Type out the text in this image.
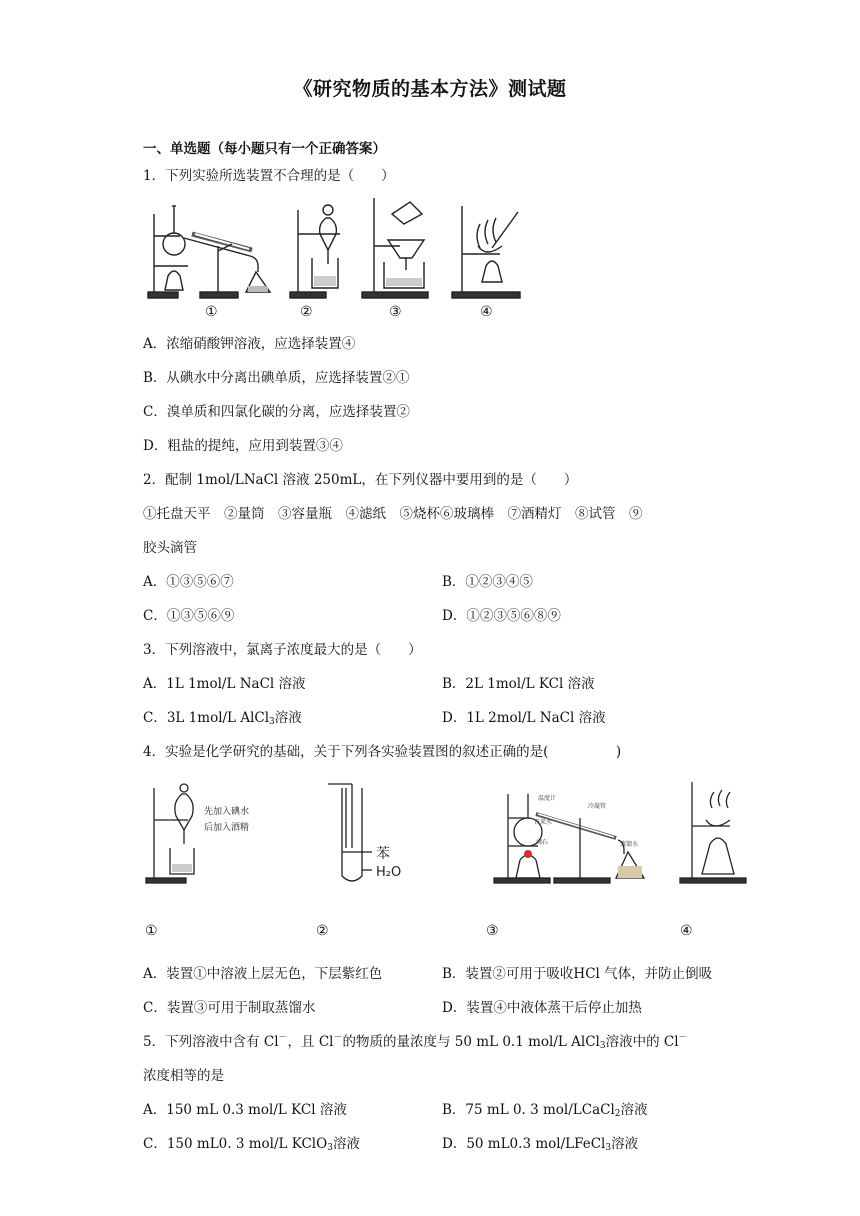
《研究物质的基本方法》测试题
一、单选题（每小题只有一个正确答案）
1．下列实验所选装置不合理的是（　　）
①	②	③	④
A．浓缩硝酸钾溶液，应选择装置④
B．从碘水中分离出碘单质，应选择装置②①
C．溴单质和四氯化碳的分离，应选择装置②
D．粗盐的提纯，应用到装置③④
2．配制 1mol/LNaCl 溶液 250mL，在下列仪器中要用到的是（　　）
①托盘天平　②量筒　③容量瓶　④滤纸　⑤烧杯⑥玻璃棒　⑦酒精灯　⑧试管　⑨
胶头滴管
A．①③⑤⑥⑦	B．①②③④⑤
C．①③⑤⑥⑨	D．①②③⑤⑥⑧⑨
3．下列溶液中，氯离子浓度最大的是（　　）
A．1L 1mol/L NaCl 溶液	B．2L 1mol/L KCl 溶液
C．3L 1mol/L AlCl$_3$溶液	D．1L 2mol/L NaCl 溶液
4．实验是化学研究的基础，关于下列各实验装置图的叙述正确的是(　　　　　)
先加入碘水
后加入酒精
苯
H₂O
冷凝管
温度计
自来水
蒸馏水
沸石
①	②	③	④
A．装置①中溶液上层无色，下层紫红色	B．装置②可用于吸收HCl 气体，并防止倒吸
C．装置③可用于制取蒸馏水	D．装置④中液体蒸干后停止加热
5．下列溶液中含有 Cl－，且 Cl－的物质的量浓度与 50 mL 0.1 mol/L AlCl$_3$溶液中的 Cl－
浓度相等的是
A．150 mL 0.3 mol/L KCl 溶液	B．75 mL 0. 3 mol/LCaCl$_2$溶液
C．150 mL0. 3 mol/L KClO$_3$溶液	D．50 mL0.3 mol/LFeCl$_3$溶液
